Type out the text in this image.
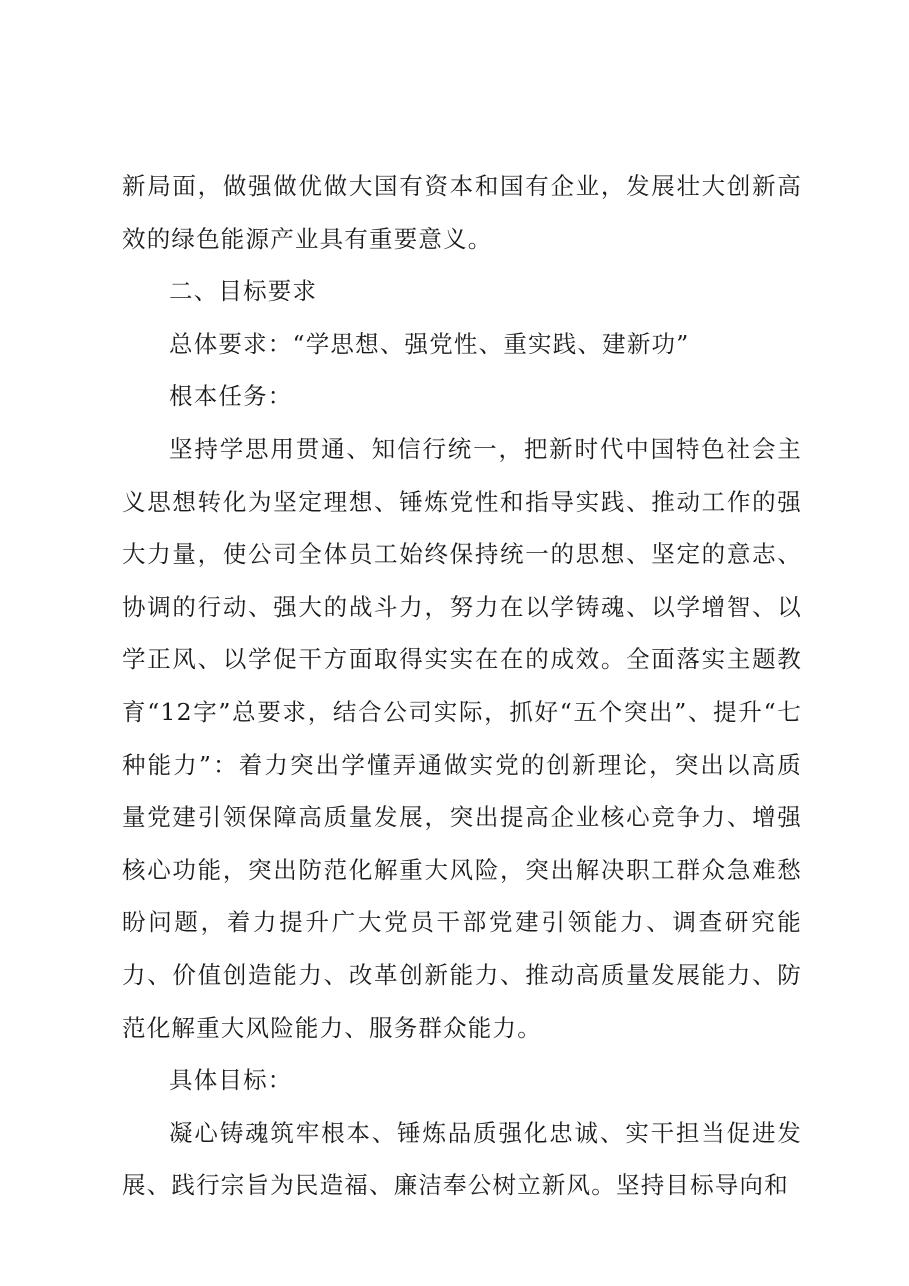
新局面，做强做优做大国有资本和国有企业，发展壮大创新高效的绿色能源产业具有重要意义。

二、目标要求

总体要求：“学思想、强党性、重实践、建新功”

根本任务：

坚持学思用贯通、知信行统一，把新时代中国特色社会主义思想转化为坚定理想、锤炼党性和指导实践、推动工作的强大力量，使公司全体员工始终保持统一的思想、坚定的意志、协调的行动、强大的战斗力，努力在以学铸魂、以学增智、以学正风、以学促干方面取得实实在在的成效。全面落实主题教育“12字”总要求，结合公司实际，抓好“五个突出”、提升“七种能力”：着力突出学懂弄通做实党的创新理论，突出以高质量党建引领保障高质量发展，突出提高企业核心竞争力、增强核心功能，突出防范化解重大风险，突出解决职工群众急难愁盼问题，着力提升广大党员干部党建引领能力、调查研究能力、价值创造能力、改革创新能力、推动高质量发展能力、防范化解重大风险能力、服务群众能力。

具体目标：

凝心铸魂筑牢根本、锤炼品质强化忠诚、实干担当促进发展、践行宗旨为民造福、廉洁奉公树立新风。坚持目标导向和
